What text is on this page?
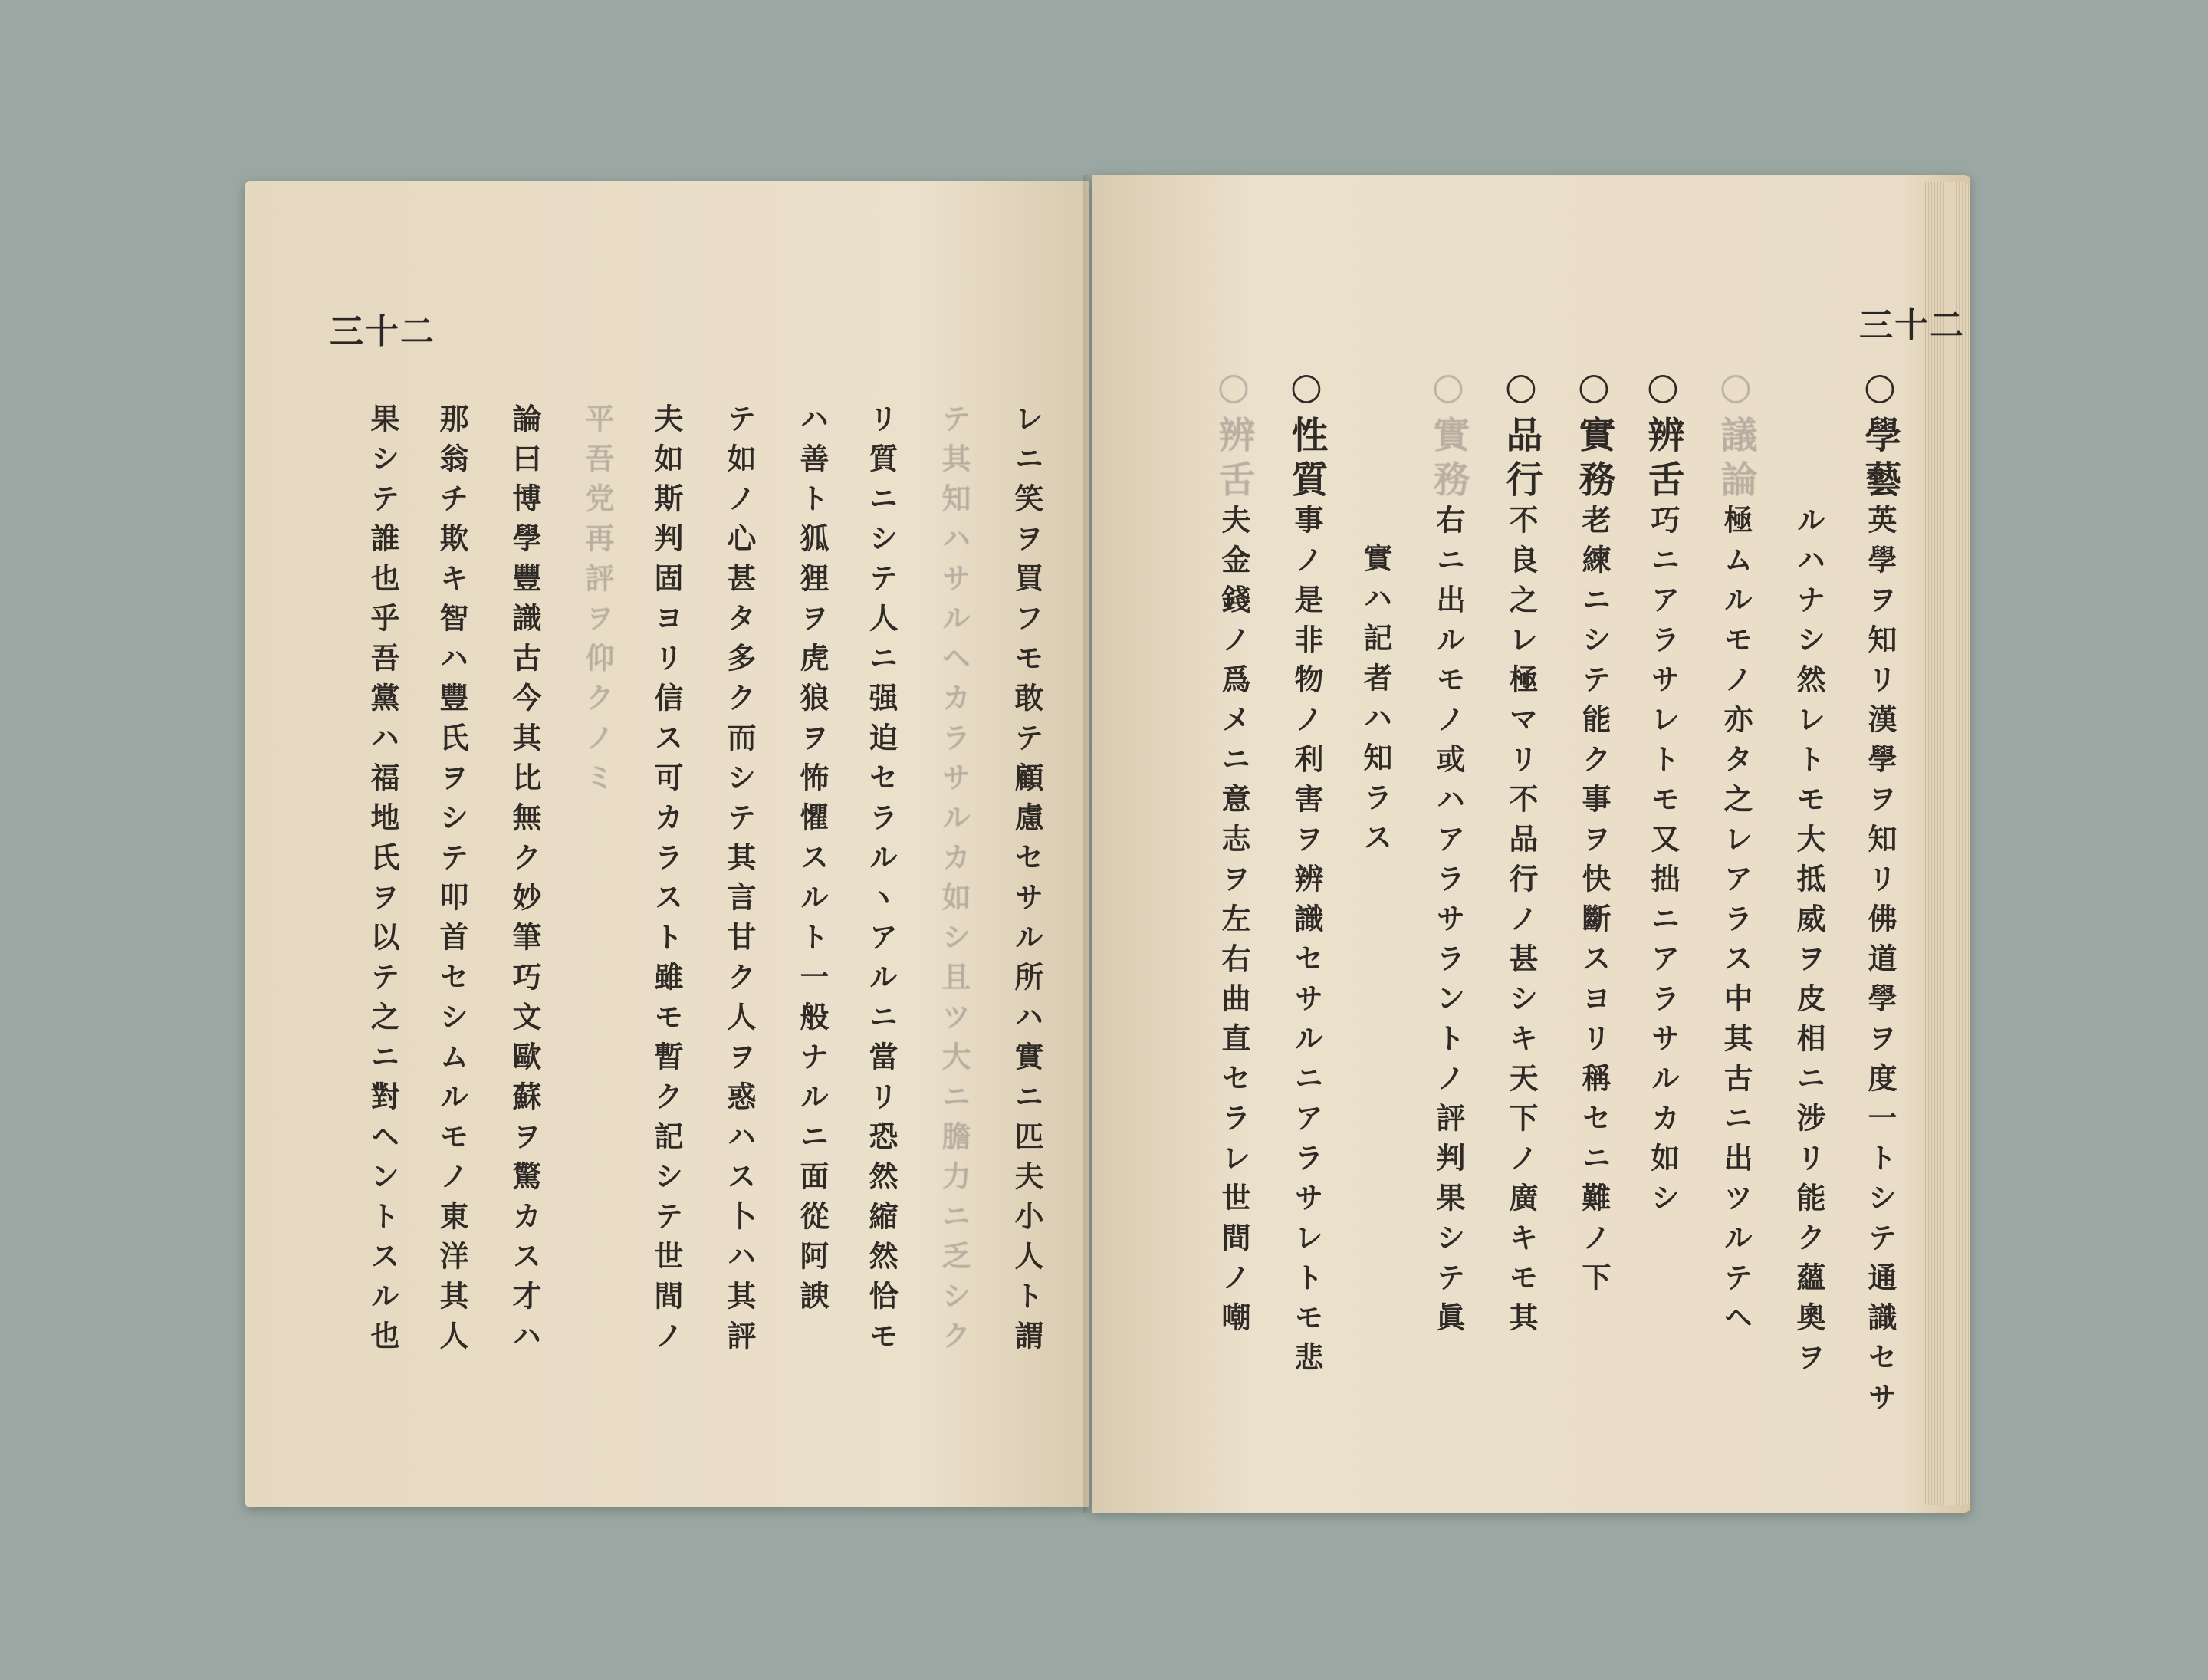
三十二
レニ笑ヲ買フモ敢テ顧慮セサル所ハ實ニ匹夫小人ト謂
テ其知ハサルヘカラサルカ如シ且ツ大ニ膽力ニ乏シク
リ質ニシテ人ニ强迫セラルヽアルニ當リ恐然縮然恰モ
ハ善ト狐狸ヲ虎狼ヲ怖懼スルト一般ナルニ面從阿諛
テ如ノ心甚タ多ク而シテ其言甘ク人ヲ惑ハス卜ハ其評
夫如斯判固ヨリ信ス可カラスト雖モ暫ク記シテ世間ノ
平吾党再評ヲ仰クノミ
論曰博學豐識古今其比無ク妙筆巧文歐蘇ヲ驚カス才ハ
那翁チ欺キ智ハ豐氏ヲシテ叩首セシムルモノ東洋其人
果シテ誰也乎吾黨ハ福地氏ヲ以テ之ニ對ヘントスル也
三十二
○學藝
英學ヲ知リ漢學ヲ知リ佛道學ヲ度一トシテ通識セサ
ルハナシ然レトモ大抵威ヲ皮相ニ涉リ能ク蘊奧ヲ
○議論
極ムルモノ亦タ之レアラス中其古ニ出ツルテヘ
○辨舌
巧ニアラサレトモ又拙ニアラサルカ如シ
○實務
老練ニシテ能ク事ヲ快斷スヨリ稱セニ難ノ下
○品行
不良之レ極マリ不品行ノ甚シキ天下ノ廣キモ其
右ニ出ルモノ或ハアラサラントノ評判果シテ眞
○實務
實ハ記者ハ知ラス
○性質
事ノ是非物ノ利害ヲ辨識セサルニアラサレトモ悲
○辨舌
夫金錢ノ爲メニ意志ヲ左右曲直セラレ世間ノ嘲
